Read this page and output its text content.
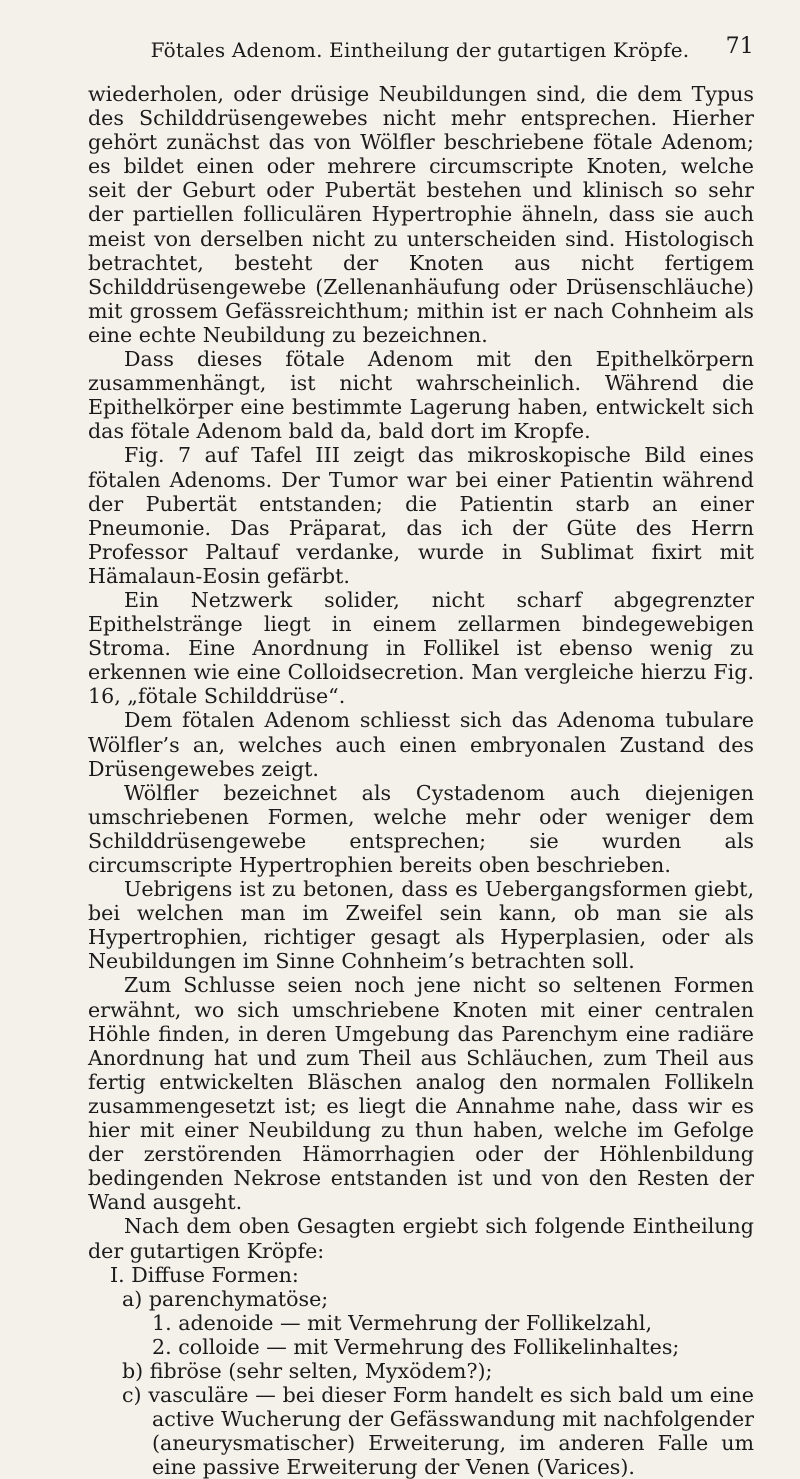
Fötales Adenom. Eintheilung der gutartigen Kröpfe.	71

wiederholen, oder drüsige Neubildungen sind, die dem Typus des Schilddrüsengewebes nicht mehr entsprechen. Hierher gehört zunächst das von Wölfler beschriebene fötale Adenom; es bildet einen oder mehrere circumscripte Knoten, welche seit der Geburt oder Pubertät bestehen und klinisch so sehr der partiellen folliculären Hypertrophie ähneln, dass sie auch meist von derselben nicht zu unterscheiden sind. Histologisch betrachtet, besteht der Knoten aus nicht fertigem Schilddrüsengewebe (Zellenanhäufung oder Drüsenschläuche) mit grossem Gefässreichthum; mithin ist er nach Cohnheim als eine echte Neubildung zu bezeichnen.

Dass dieses fötale Adenom mit den Epithelkörpern zusammenhängt, ist nicht wahrscheinlich. Während die Epithelkörper eine bestimmte Lagerung haben, entwickelt sich das fötale Adenom bald da, bald dort im Kropfe.

Fig. 7 auf Tafel III zeigt das mikroskopische Bild eines fötalen Adenoms. Der Tumor war bei einer Patientin während der Pubertät entstanden; die Patientin starb an einer Pneumonie. Das Präparat, das ich der Güte des Herrn Professor Paltauf verdanke, wurde in Sublimat fixirt mit Hämalaun-Eosin gefärbt.

Ein Netzwerk solider, nicht scharf abgegrenzter Epithelstränge liegt in einem zellarmen bindegewebigen Stroma. Eine Anordnung in Follikel ist ebenso wenig zu erkennen wie eine Colloidsecretion. Man vergleiche hierzu Fig. 16, „fötale Schilddrüse“.

Dem fötalen Adenom schliesst sich das Adenoma tubulare Wölfler’s an, welches auch einen embryonalen Zustand des Drüsengewebes zeigt.

Wölfler bezeichnet als Cystadenom auch diejenigen umschriebenen Formen, welche mehr oder weniger dem Schilddrüsengewebe entsprechen; sie wurden als circumscripte Hypertrophien bereits oben beschrieben.

Uebrigens ist zu betonen, dass es Uebergangsformen giebt, bei welchen man im Zweifel sein kann, ob man sie als Hypertrophien, richtiger gesagt als Hyperplasien, oder als Neubildungen im Sinne Cohnheim’s betrachten soll.

Zum Schlusse seien noch jene nicht so seltenen Formen erwähnt, wo sich umschriebene Knoten mit einer centralen Höhle finden, in deren Umgebung das Parenchym eine radiäre Anordnung hat und zum Theil aus Schläuchen, zum Theil aus fertig entwickelten Bläschen analog den normalen Follikeln zusammengesetzt ist; es liegt die Annahme nahe, dass wir es hier mit einer Neubildung zu thun haben, welche im Gefolge der zerstörenden Hämorrhagien oder der Höhlenbildung bedingenden Nekrose entstanden ist und von den Resten der Wand ausgeht.

Nach dem oben Gesagten ergiebt sich folgende Eintheilung der gutartigen Kröpfe:

I. Diffuse Formen:
a) parenchymatöse;
1. adenoide — mit Vermehrung der Follikelzahl,
2. colloide — mit Vermehrung des Follikelinhaltes;
b) fibröse (sehr selten, Myxödem?);
c) vasculäre — bei dieser Form handelt es sich bald um eine active Wucherung der Gefässwandung mit nachfolgender (aneurysmatischer) Erweiterung, im anderen Falle um eine passive Erweiterung der Venen (Varices).
